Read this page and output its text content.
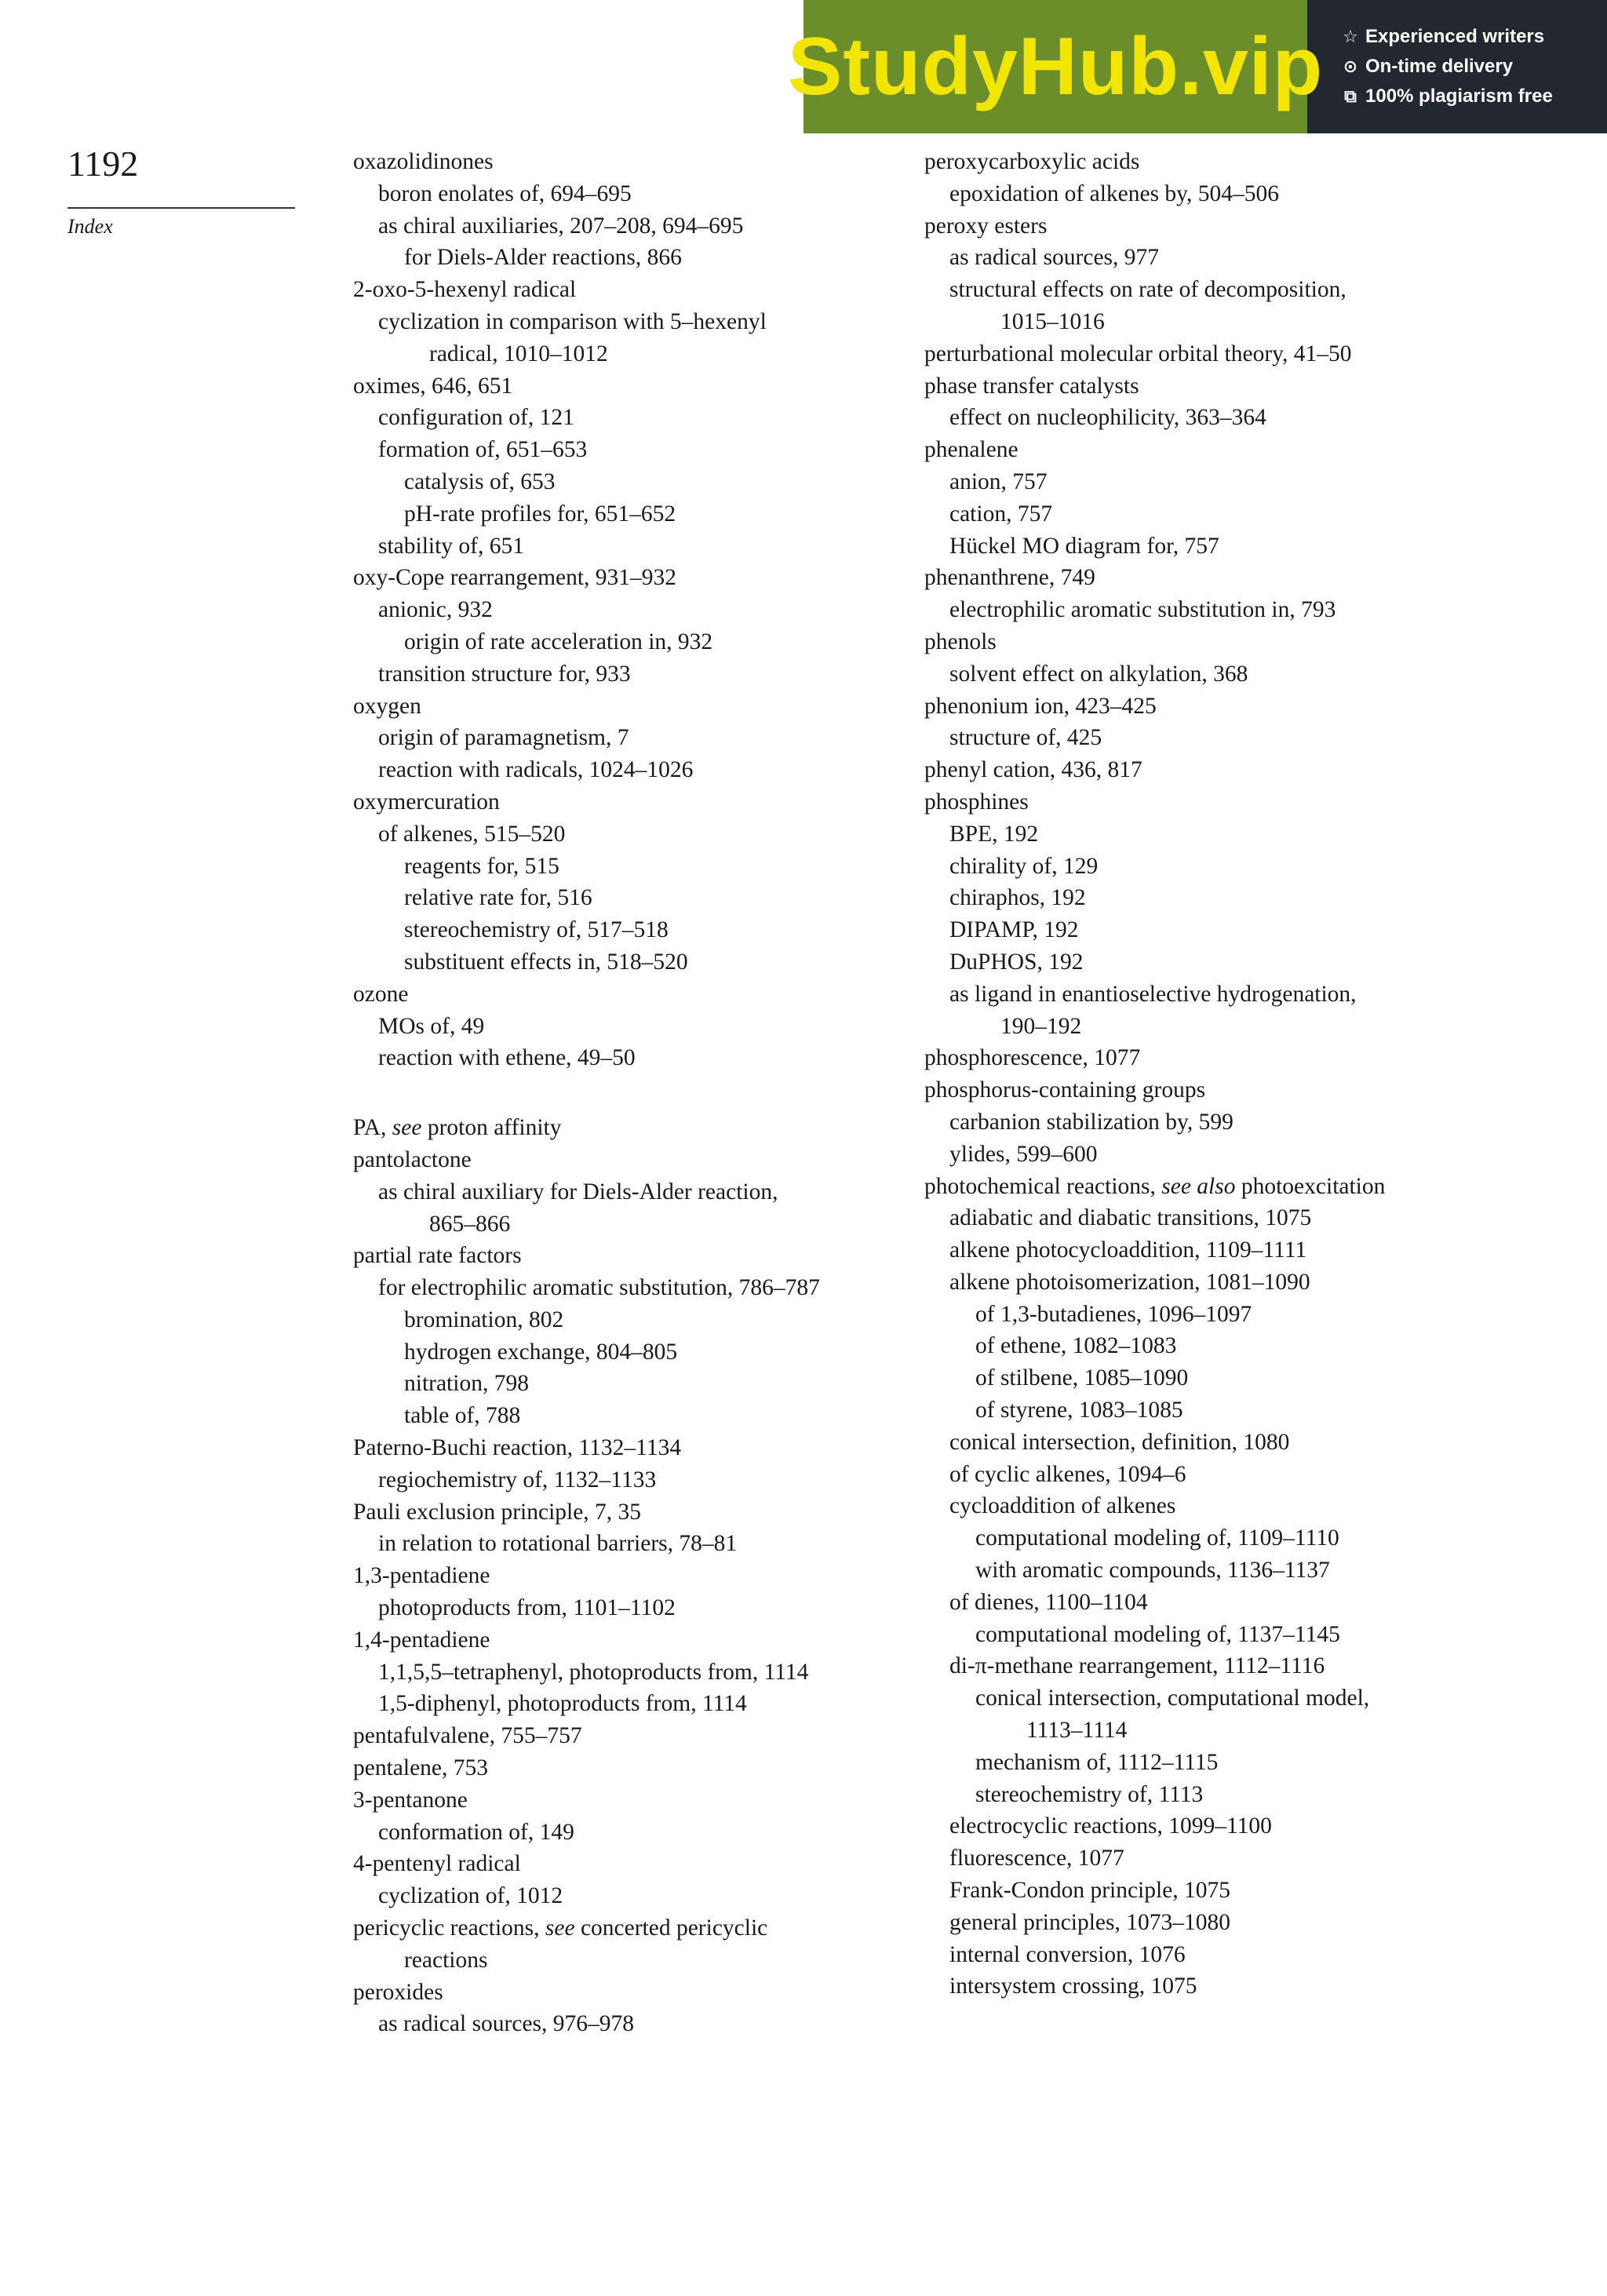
StudyHub.vip ☆ Experienced writers
⊙ On-time delivery
⧉ 100% plagiarism free
1192
Index
oxazolidinones
boron enolates of, 694–695
as chiral auxiliaries, 207–208, 694–695
for Diels-Alder reactions, 866
2-oxo-5-hexenyl radical
cyclization in comparison with 5–hexenyl
radical, 1010–1012
oximes, 646, 651
configuration of, 121
formation of, 651–653
catalysis of, 653
pH-rate profiles for, 651–652
stability of, 651
oxy-Cope rearrangement, 931–932
anionic, 932
origin of rate acceleration in, 932
transition structure for, 933
oxygen
origin of paramagnetism, 7
reaction with radicals, 1024–1026
oxymercuration
of alkenes, 515–520
reagents for, 515
relative rate for, 516
stereochemistry of, 517–518
substituent effects in, 518–520
ozone
MOs of, 49
reaction with ethene, 49–50
PA, see proton affinity
pantolactone
as chiral auxiliary for Diels-Alder reaction,
865–866
partial rate factors
for electrophilic aromatic substitution, 786–787
bromination, 802
hydrogen exchange, 804–805
nitration, 798
table of, 788
Paterno-Buchi reaction, 1132–1134
regiochemistry of, 1132–1133
Pauli exclusion principle, 7, 35
in relation to rotational barriers, 78–81
1,3-pentadiene
photoproducts from, 1101–1102
1,4-pentadiene
1,1,5,5–tetraphenyl, photoproducts from, 1114
1,5-diphenyl, photoproducts from, 1114
pentafulvalene, 755–757
pentalene, 753
3-pentanone
conformation of, 149
4-pentenyl radical
cyclization of, 1012
pericyclic reactions, see concerted pericyclic
reactions
peroxides
as radical sources, 976–978
peroxycarboxylic acids
epoxidation of alkenes by, 504–506
peroxy esters
as radical sources, 977
structural effects on rate of decomposition,
1015–1016
perturbational molecular orbital theory, 41–50
phase transfer catalysts
effect on nucleophilicity, 363–364
phenalene
anion, 757
cation, 757
Hückel MO diagram for, 757
phenanthrene, 749
electrophilic aromatic substitution in, 793
phenols
solvent effect on alkylation, 368
phenonium ion, 423–425
structure of, 425
phenyl cation, 436, 817
phosphines
BPE, 192
chirality of, 129
chiraphos, 192
DIPAMP, 192
DuPHOS, 192
as ligand in enantioselective hydrogenation,
190–192
phosphorescence, 1077
phosphorus-containing groups
carbanion stabilization by, 599
ylides, 599–600
photochemical reactions, see also photoexcitation
adiabatic and diabatic transitions, 1075
alkene photocycloaddition, 1109–1111
alkene photoisomerization, 1081–1090
of 1,3-butadienes, 1096–1097
of ethene, 1082–1083
of stilbene, 1085–1090
of styrene, 1083–1085
conical intersection, definition, 1080
of cyclic alkenes, 1094–6
cycloaddition of alkenes
computational modeling of, 1109–1110
with aromatic compounds, 1136–1137
of dienes, 1100–1104
computational modeling of, 1137–1145
di-π-methane rearrangement, 1112–1116
conical intersection, computational model,
1113–1114
mechanism of, 1112–1115
stereochemistry of, 1113
electrocyclic reactions, 1099–1100
fluorescence, 1077
Frank-Condon principle, 1075
general principles, 1073–1080
internal conversion, 1076
intersystem crossing, 1075
